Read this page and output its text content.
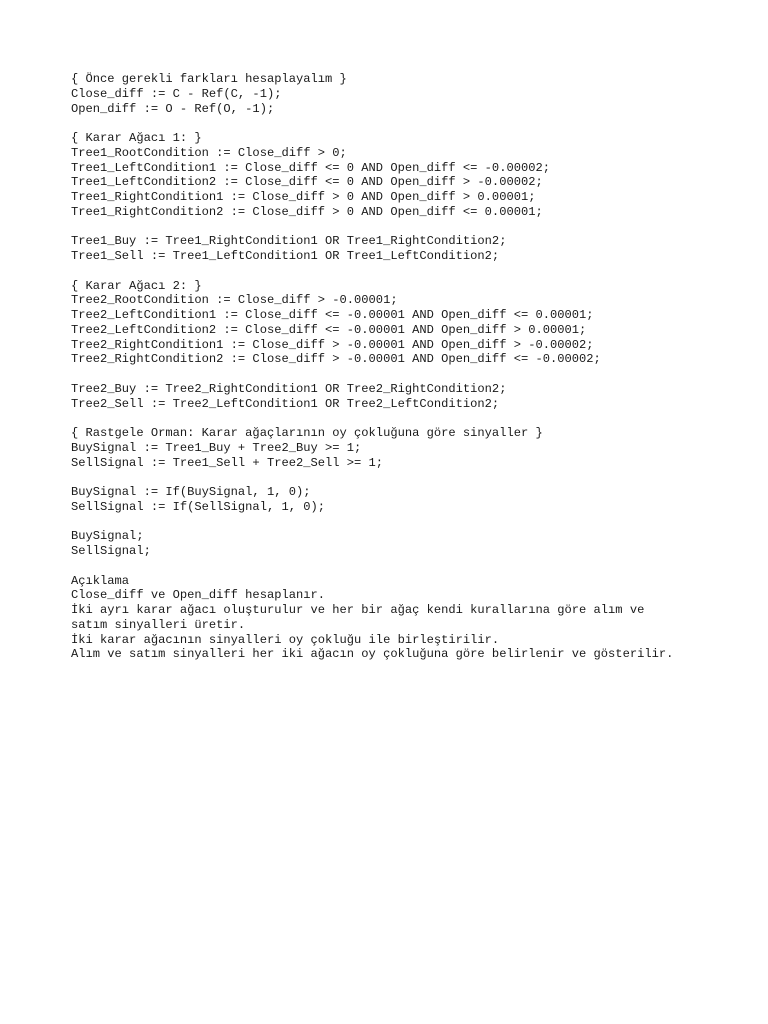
{ Önce gerekli farkları hesaplayalım }
Close_diff := C - Ref(C, -1);
Open_diff := O - Ref(O, -1);
{ Karar Ağacı 1: }
Tree1_RootCondition := Close_diff > 0;
Tree1_LeftCondition1 := Close_diff <= 0 AND Open_diff <= -0.00002;
Tree1_LeftCondition2 := Close_diff <= 0 AND Open_diff > -0.00002;
Tree1_RightCondition1 := Close_diff > 0 AND Open_diff > 0.00001;
Tree1_RightCondition2 := Close_diff > 0 AND Open_diff <= 0.00001;
Tree1_Buy := Tree1_RightCondition1 OR Tree1_RightCondition2;
Tree1_Sell := Tree1_LeftCondition1 OR Tree1_LeftCondition2;
{ Karar Ağacı 2: }
Tree2_RootCondition := Close_diff > -0.00001;
Tree2_LeftCondition1 := Close_diff <= -0.00001 AND Open_diff <= 0.00001;
Tree2_LeftCondition2 := Close_diff <= -0.00001 AND Open_diff > 0.00001;
Tree2_RightCondition1 := Close_diff > -0.00001 AND Open_diff > -0.00002;
Tree2_RightCondition2 := Close_diff > -0.00001 AND Open_diff <= -0.00002;
Tree2_Buy := Tree2_RightCondition1 OR Tree2_RightCondition2;
Tree2_Sell := Tree2_LeftCondition1 OR Tree2_LeftCondition2;
{ Rastgele Orman: Karar ağaçlarının oy çokluğuna göre sinyaller }
BuySignal := Tree1_Buy + Tree2_Buy >= 1;
SellSignal := Tree1_Sell + Tree2_Sell >= 1;
BuySignal := If(BuySignal, 1, 0);
SellSignal := If(SellSignal, 1, 0);
BuySignal;
SellSignal;
Açıklama
Close_diff ve Open_diff hesaplanır.
İki ayrı karar ağacı oluşturulur ve her bir ağaç kendi kurallarına göre alım ve
satım sinyalleri üretir.
İki karar ağacının sinyalleri oy çokluğu ile birleştirilir.
Alım ve satım sinyalleri her iki ağacın oy çokluğuna göre belirlenir ve gösterilir.
